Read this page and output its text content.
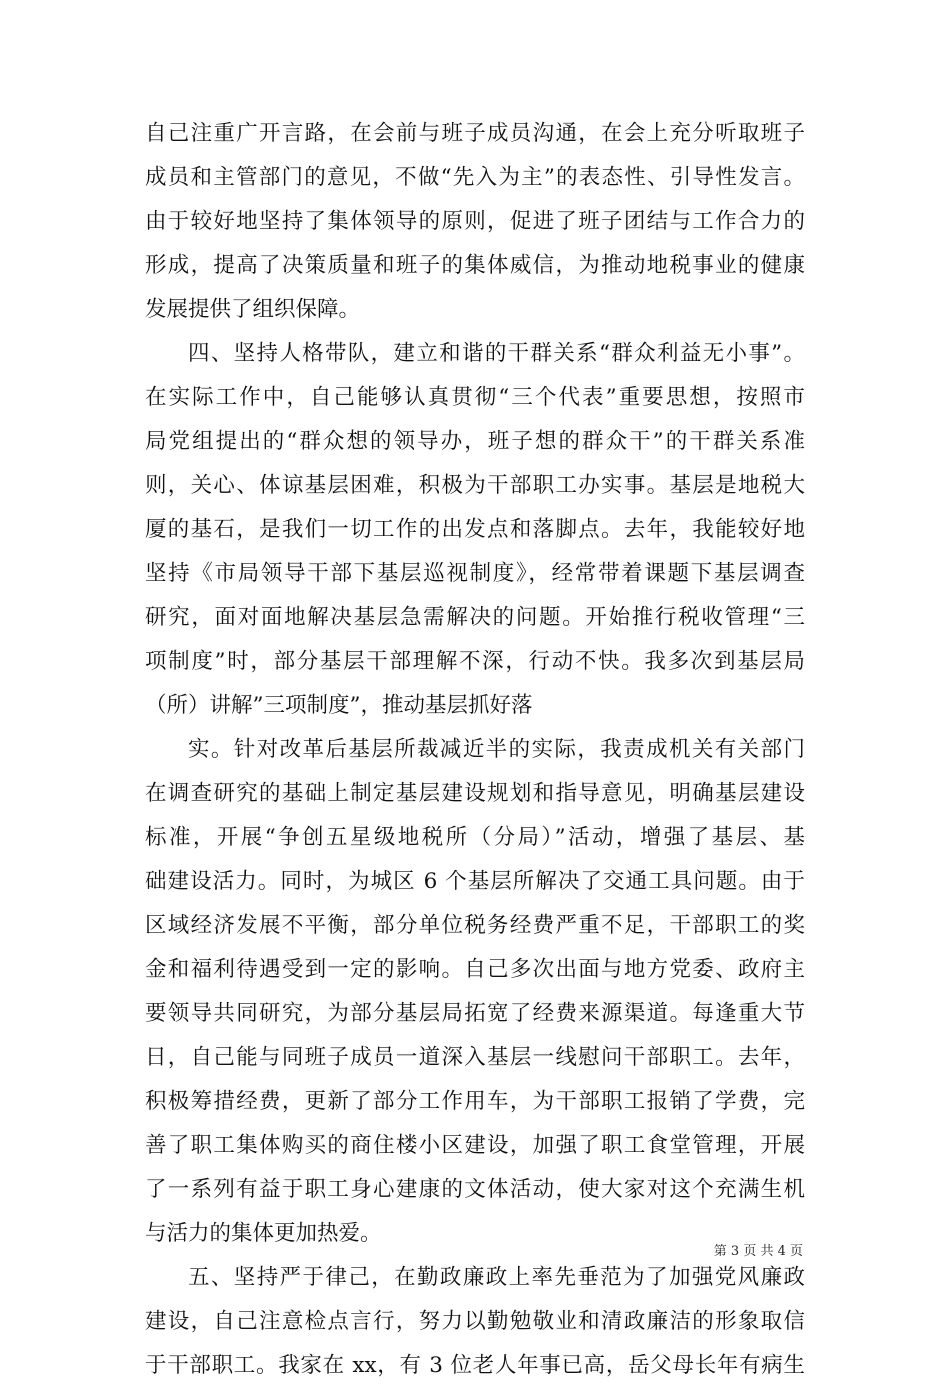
自己注重广开言路，在会前与班子成员沟通，在会上充分听取班子
成员和主管部门的意见，不做“先入为主”的表态性、引导性发言。
由于较好地坚持了集体领导的原则，促进了班子团结与工作合力的
形成，提高了决策质量和班子的集体威信，为推动地税事业的健康
发展提供了组织保障。
四、坚持人格带队，建立和谐的干群关系“群众利益无小事”。
在实际工作中，自己能够认真贯彻“三个代表”重要思想，按照市
局党组提出的“群众想的领导办，班子想的群众干”的干群关系准
则，关心、体谅基层困难，积极为干部职工办实事。基层是地税大
厦的基石，是我们一切工作的出发点和落脚点。去年，我能较好地
坚持《市局领导干部下基层巡视制度》，经常带着课题下基层调查
研究，面对面地解决基层急需解决的问题。开始推行税收管理“三
项制度”时，部分基层干部理解不深，行动不快。我多次到基层局
（所）讲解”三项制度”，推动基层抓好落
实。针对改革后基层所裁减近半的实际，我责成机关有关部门
在调查研究的基础上制定基层建设规划和指导意见，明确基层建设
标准，开展“争创五星级地税所（分局）”活动，增强了基层、基
础建设活力。同时，为城区 6 个基层所解决了交通工具问题。由于
区域经济发展不平衡，部分单位税务经费严重不足，干部职工的奖
金和福利待遇受到一定的影响。自己多次出面与地方党委、政府主
要领导共同研究，为部分基层局拓宽了经费来源渠道。每逢重大节
日，自己能与同班子成员一道深入基层一线慰问干部职工。去年，
积极筹措经费，更新了部分工作用车，为干部职工报销了学费，完
善了职工集体购买的商住楼小区建设，加强了职工食堂管理，开展
了一系列有益于职工身心建康的文体活动，使大家对这个充满生机
与活力的集体更加热爱。
五、坚持严于律己，在勤政廉政上率先垂范为了加强党风廉政
建设，自己注意检点言行，努力以勤勉敬业和清政廉洁的形象取信
于干部职工。我家在 xx，有 3 位老人年事已高，岳父母长年有病生
第 3 页 共 4 页
